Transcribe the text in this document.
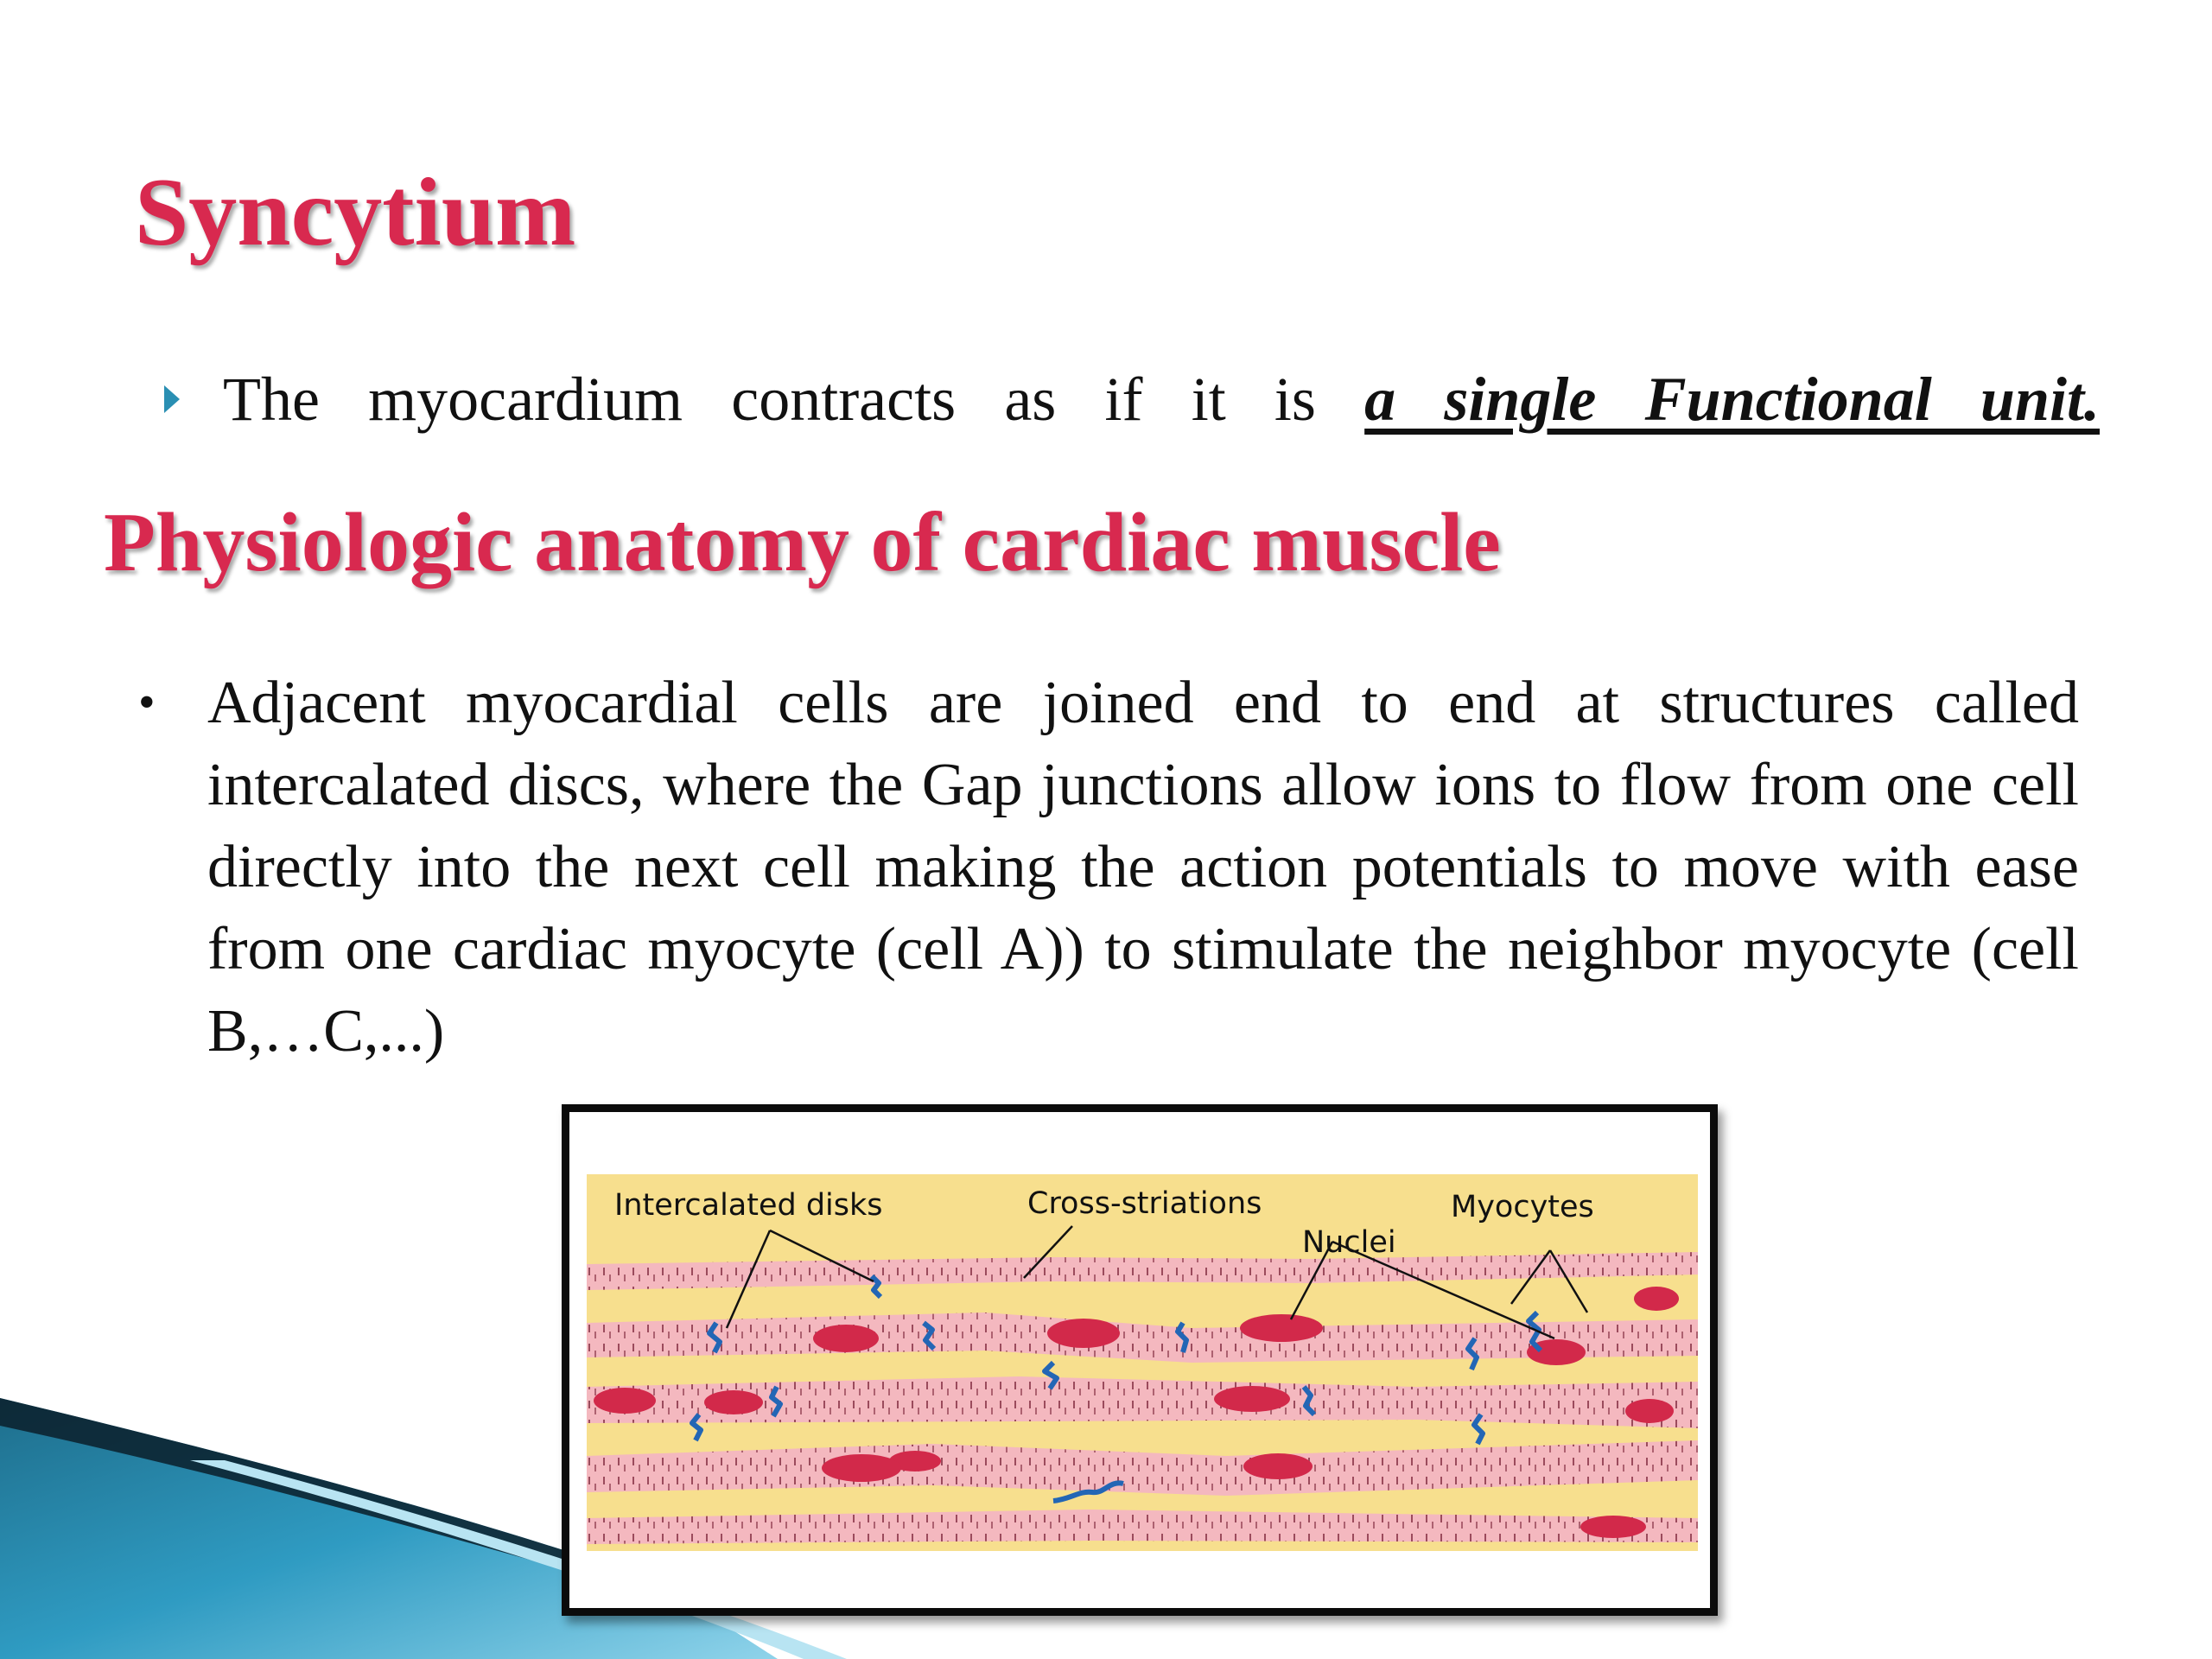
Syncytium
The myocardium contracts as if it is a single Functional unit.
Physiologic anatomy of cardiac muscle
• Adjacent myocardial cells are joined end to end at structures called intercalated discs, where the Gap junctions allow ions to flow from one cell directly into the next cell making the action potentials to move with ease from one cardiac myocyte (cell A)) to stimulate the neighbor myocyte (cell B,…C,...)

Intercalated disks	Cross-striations

Nuclei

Myocytes
